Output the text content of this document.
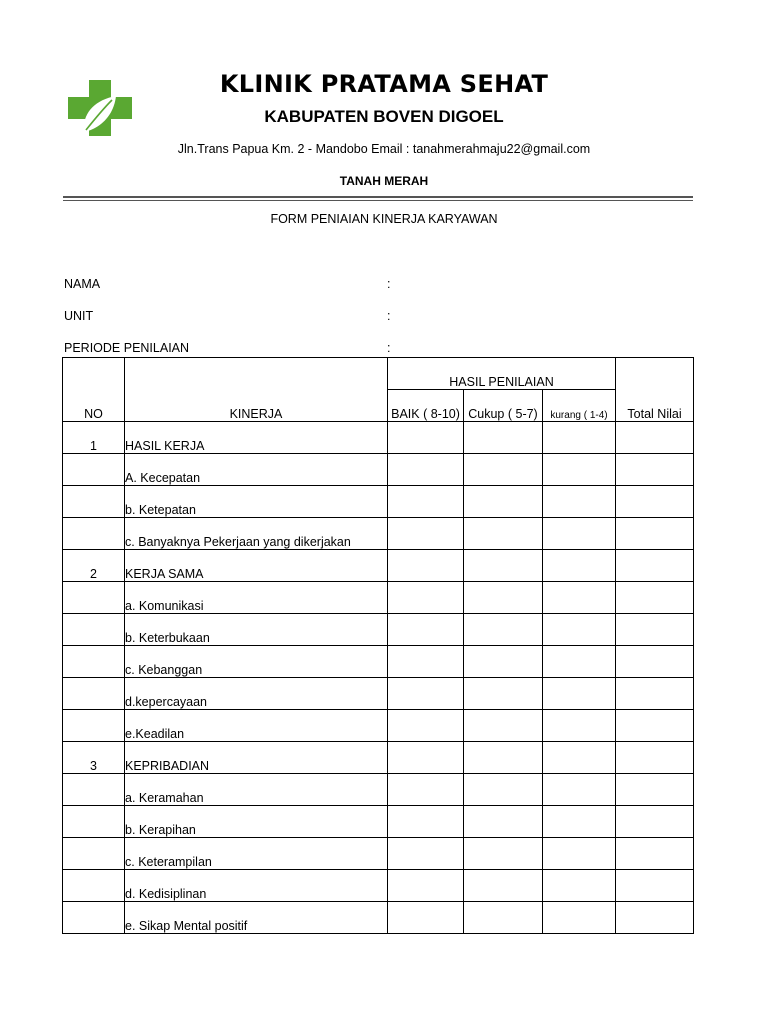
KLINIK PRATAMA SEHAT
KABUPATEN BOVEN DIGOEL
Jln.Trans Papua Km. 2 - Mandobo Email : tanahmerahmaju22@gmail.com
TANAH MERAH
FORM PENIAIAN KINERJA KARYAWAN
NAMA	:
UNIT	:
PERIODE PENILAIAN	:
NO	KINERJA	HASIL PENILAIAN			Total Nilai
		BAIK ( 8-10)	Cukup ( 5-7)	kurang ( 1-4)	
1	HASIL KERJA				
	A. Kecepatan				
	b. Ketepatan				
	c. Banyaknya Pekerjaan yang dikerjakan				
2	KERJA SAMA				
	a. Komunikasi				
	b. Keterbukaan				
	c. Kebanggan				
	d.kepercayaan				
	e.Keadilan				
3	KEPRIBADIAN				
	a. Keramahan				
	b. Kerapihan				
	c. Keterampilan				
	d. Kedisiplinan				
	e. Sikap Mental positif				
